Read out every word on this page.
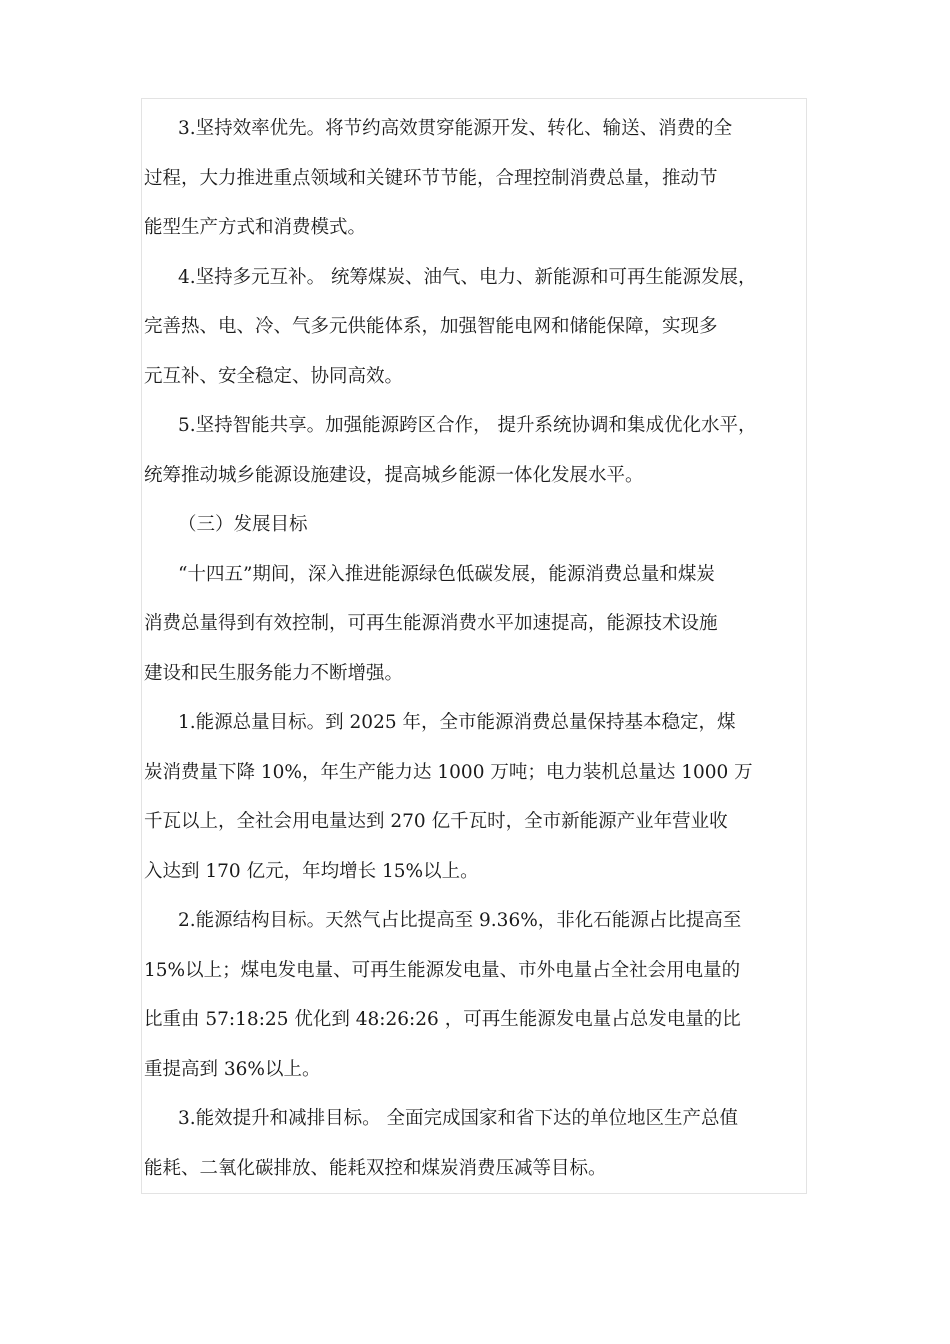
3.坚持效率优先。将节约高效贯穿能源开发、转化、输送、消费的全
过程，大力推进重点领域和关键环节节能，合理控制消费总量，推动节
能型生产方式和消费模式。

4.坚持多元互补。 统筹煤炭、油气、电力、新能源和可再生能源发展，
完善热、电、冷、气多元供能体系，加强智能电网和储能保障，实现多
元互补、安全稳定、协同高效。

5.坚持智能共享。加强能源跨区合作， 提升系统协调和集成优化水平，
统筹推动城乡能源设施建设，提高城乡能源一体化发展水平。

（三）发展目标

“十四五”期间，深入推进能源绿色低碳发展，能源消费总量和煤炭
消费总量得到有效控制，可再生能源消费水平加速提高，能源技术设施
建设和民生服务能力不断增强。

1.能源总量目标。到 2025 年，全市能源消费总量保持基本稳定，煤
炭消费量下降 10%，年生产能力达 1000 万吨；电力装机总量达 1000 万
千瓦以上，全社会用电量达到 270 亿千瓦时，全市新能源产业年营业收
入达到 170 亿元，年均增长 15%以上。

2.能源结构目标。天然气占比提高至 9.36%，非化石能源占比提高至
15%以上；煤电发电量、可再生能源发电量、市外电量占全社会用电量的
比重由 57:18:25 优化到 48:26:26 ，可再生能源发电量占总发电量的比
重提高到 36%以上。

3.能效提升和减排目标。 全面完成国家和省下达的单位地区生产总值
能耗、二氧化碳排放、能耗双控和煤炭消费压减等目标。
